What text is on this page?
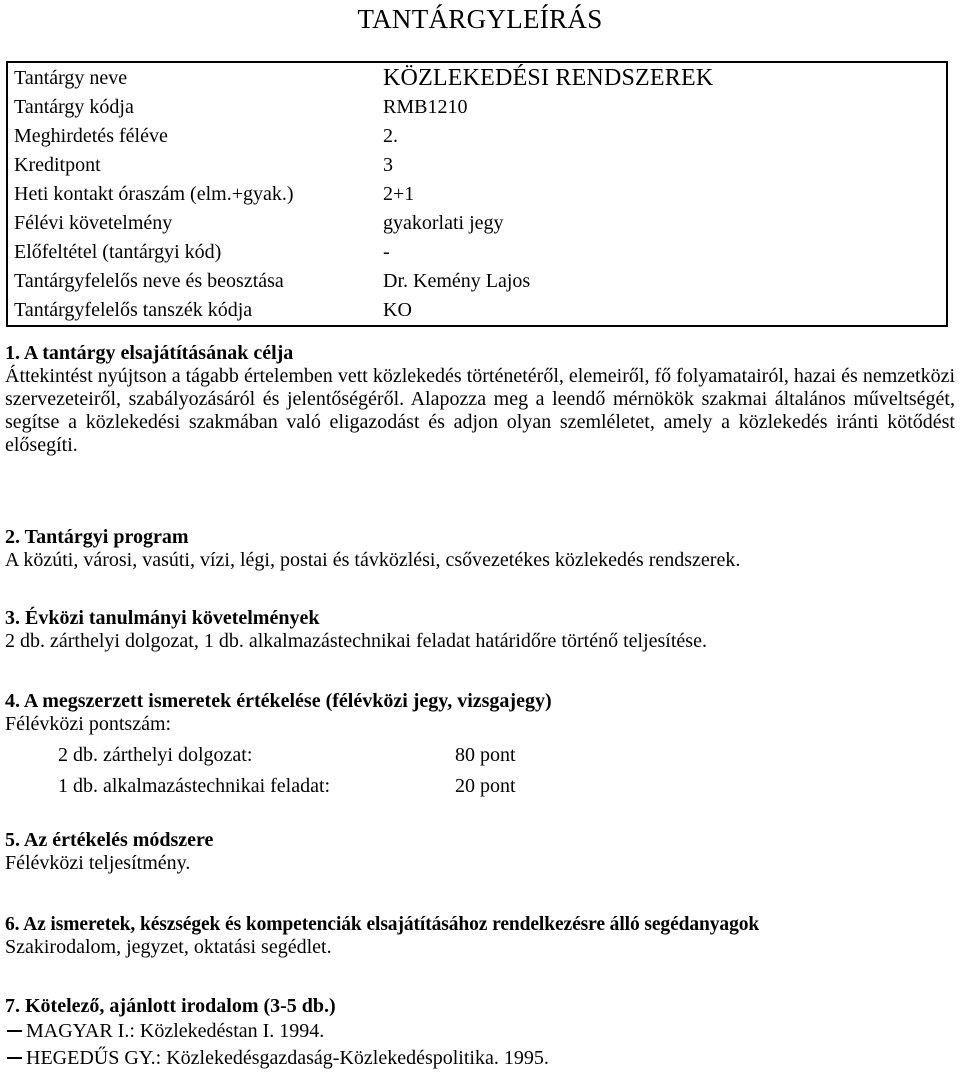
TANTÁRGYLEÍRÁS
Tantárgy neve	KÖZLEKEDÉSI RENDSZEREK
Tantárgy kódja	RMB1210
Meghirdetés féléve	2.
Kreditpont	3
Heti kontakt óraszám (elm.+gyak.)	2+1
Félévi követelmény	gyakorlati jegy
Előfeltétel (tantárgyi kód)	-
Tantárgyfelelős neve és beosztása	Dr. Kemény Lajos
Tantárgyfelelős tanszék kódja	KO
1. A tantárgy elsajátításának célja

Áttekintést nyújtson a tágabb értelemben vett közlekedés történetéről, elemeiről, fő folyamatairól, hazai és nemzetközi szervezeteiről, szabályozásáról és jelentőségéről. Alapozza meg a leendő mérnökök szakmai általános műveltségét, segítse a közlekedési szakmában való eligazodást és adjon olyan szemléletet, amely a közlekedés iránti kötődést elősegíti.

2. Tantárgyi program

A közúti, városi, vasúti, vízi, légi, postai és távközlési, csővezetékes közlekedés rendszerek.

3. Évközi tanulmányi követelmények

2 db. zárthelyi dolgozat, 1 db. alkalmazástechnikai feladat határidőre történő teljesítése.

4. A megszerzett ismeretek értékelése (félévközi jegy, vizsgajegy)

Félévközi pontszám:

2 db. zárthelyi dolgozat:	80 pont
1 db. alkalmazástechnikai feladat:	20 pont
5. Az értékelés módszere

Félévközi teljesítmény.

6. Az ismeretek, készségek és kompetenciák elsajátításához rendelkezésre álló segédanyagok

Szakirodalom, jegyzet, oktatási segédlet.

7. Kötelező, ajánlott irodalom (3-5 db.)

MAGYAR I.: Közlekedéstan I. 1994.

HEGEDŰS GY.: Közlekedésgazdaság-Közlekedéspolitika. 1995.
